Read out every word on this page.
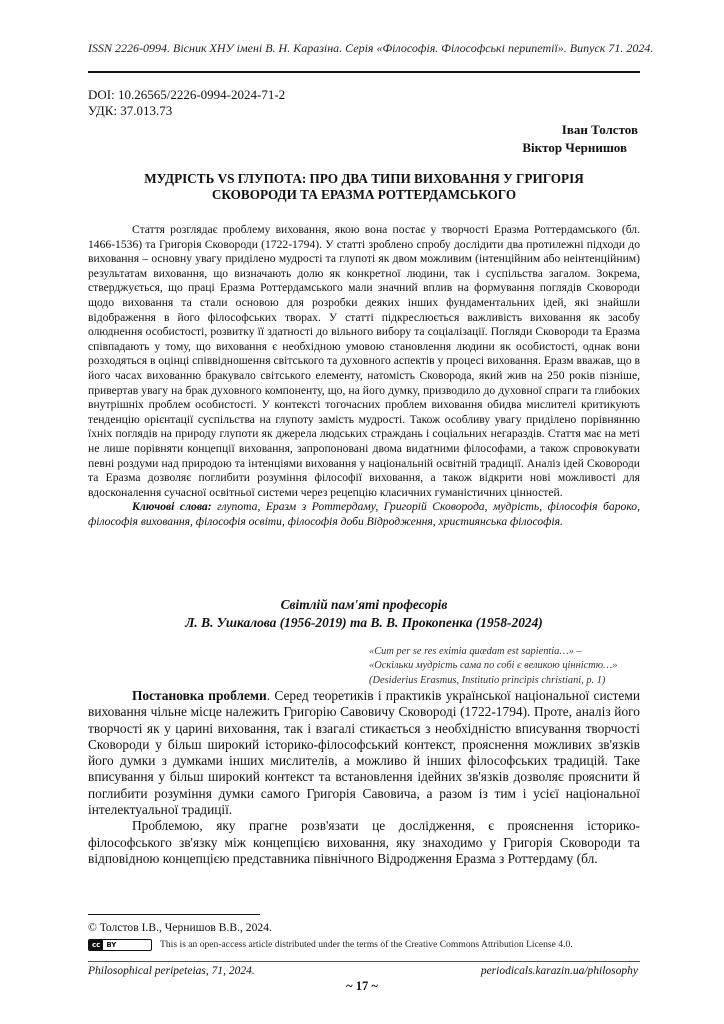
ISSN 2226-0994. Вісник ХНУ імені В. Н. Каразіна. Серія «Філософія. Філософські перипетії». Випуск 71. 2024.
DOI: 10.26565/2226-0994-2024-71-2
УДК: 37.013.73
Іван Толстов
Віктор Чернишов
МУДРІСТЬ VS ГЛУПОТА: ПРО ДВА ТИПИ ВИХОВАННЯ У ГРИГОРІЯ
СКОВОРОДИ ТА ЕРАЗМА РОТТЕРДАМСЬКОГО

Стаття розглядає проблему виховання, якою вона постає у творчості Еразма Роттердамського (бл. 1466-1536) та Григорія Сковороди (1722-1794). У статті зроблено спробу дослідити два протилежні підходи до виховання – основну увагу приділено мудрості та глупоті як двом можливим (інтенційним або неінтенційним) результатам виховання, що визначають долю як конкретної людини, так і суспільства загалом. Зокрема, стверджується, що праці Еразма Роттердамського мали значний вплив на формування поглядів Сковороди щодо виховання та стали основою для розробки деяких інших фундаментальних ідей, які знайшли відображення в його філософських творах. У статті підкреслюється важливість виховання як засобу олюднення особистості, розвитку її здатності до вільного вибору та соціалізації. Погляди Сковороди та Еразма співпадають у тому, що виховання є необхідною умовою становлення людини як особистості, однак вони розходяться в оцінці співвідношення світського та духовного аспектів у процесі виховання. Еразм вважав, що в його часах вихованню бракувало світського елементу, натомість Сковорода, який жив на 250 років пізніше, привертав увагу на брак духовного компоненту, що, на його думку, призводило до духовної спраги та глибоких внутрішніх проблем особистості. У контексті тогочасних проблем виховання обидва мислителі критикують тенденцію орієнтації суспільства на глупоту замість мудрості. Також особливу увагу приділено порівнянню їхніх поглядів на природу глупоти як джерела людських страждань і соціальних негараздів. Стаття має на меті не лише порівняти концепції виховання, запропоновані двома видатними філософами, а також спровокувати певні роздуми над природою та інтенціями виховання у національній освітній традиції. Аналіз ідей Сковороди та Еразма дозволяє поглибити розуміння філософії виховання, а також відкрити нові можливості для вдосконалення сучасної освітньої системи через рецепцію класичних гуманістичних цінностей.

Ключові слова: глупота, Еразм з Роттердаму, Григорій Сковорода, мудрість, філософія бароко, філософія виховання, філософія освіти, філософія доби Відродження, християнська філософія.

Світлій пам'яті професорів
Л. В. Ушкалова (1956-2019) та В. В. Прокопенка (1958-2024)
«Cum per se res eximia quædam est sapientia…» –
«Оскільки мудрість сама по собі є великою цінністю…»
(Desiderius Erasmus, Institutio principis christiani, p. 1)

Постановка проблеми. Серед теоретиків і практиків української національної системи виховання чільне місце належить Григорію Савовичу Сковороді (1722-1794). Проте, аналіз його творчості як у царині виховання, так і взагалі стикається з необхідністю вписування творчості Сковороди у більш широкий історико-філософський контекст, прояснення можливих зв'язків його думки з думками інших мислителів, а можливо й інших філософських традицій. Таке вписування у більш широкий контекст та встановлення ідейних зв'язків дозволяє прояснити й поглибити розуміння думки самого Григорія Савовича, а разом із тим і усієї національної інтелектуальної традиції.

Проблемою, яку прагне розв'язати це дослідження, є прояснення історико-філософського зв'язку між концепцією виховання, яку знаходимо у Григорія Сковороди та відповідною концепцією представника північного Відродження Еразма з Роттердаму (бл.

© Толстов І.В., Чернишов В.В., 2024.
cc BY	This is an open-access article distributed under the terms of the Creative Commons Attribution License 4.0.
Philosophical peripeteias, 71, 2024.	periodicals.karazin.ua/philosophy
~ 17 ~
